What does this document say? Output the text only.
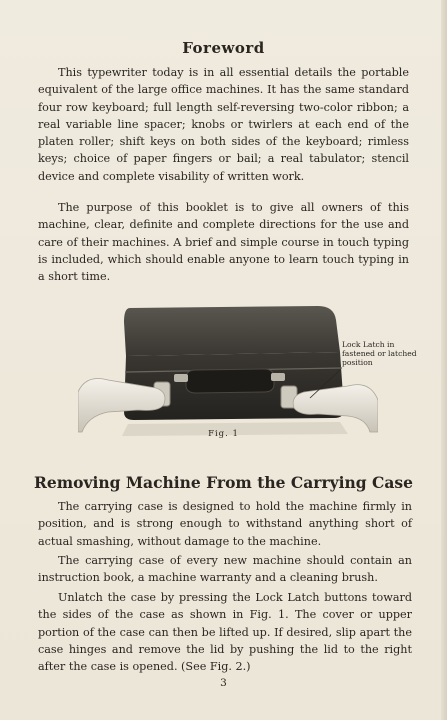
Foreword

This typewriter today is in all essential details the portable equivalent of the large office machines. It has the same standard four row keyboard; full length self-reversing two-color ribbon; a real variable line spacer; knobs or twirlers at each end of the platen roller; shift keys on both sides of the keyboard; rimless keys; choice of paper fingers or bail; a real tabulator; stencil device and complete visability of written work.

The purpose of this booklet is to give all owners of this machine, clear, definite and complete directions for the use and care of their machines. A brief and simple course in touch typing is included, which should enable anyone to learn touch typing in a short time.

Lock Latch in fastened or latched position
Fig. 1
Removing Machine From the Carrying Case

The carrying case is designed to hold the machine firmly in position, and is strong enough to withstand anything short of actual smashing, without damage to the machine.

The carrying case of every new machine should contain an instruction book, a machine warranty and a cleaning brush.

Unlatch the case by pressing the Lock Latch buttons toward the sides of the case as shown in Fig. 1. The cover or upper portion of the case can then be lifted up. If desired, slip apart the case hinges and remove the lid by pushing the lid to the right after the case is opened. (See Fig. 2.)

3
